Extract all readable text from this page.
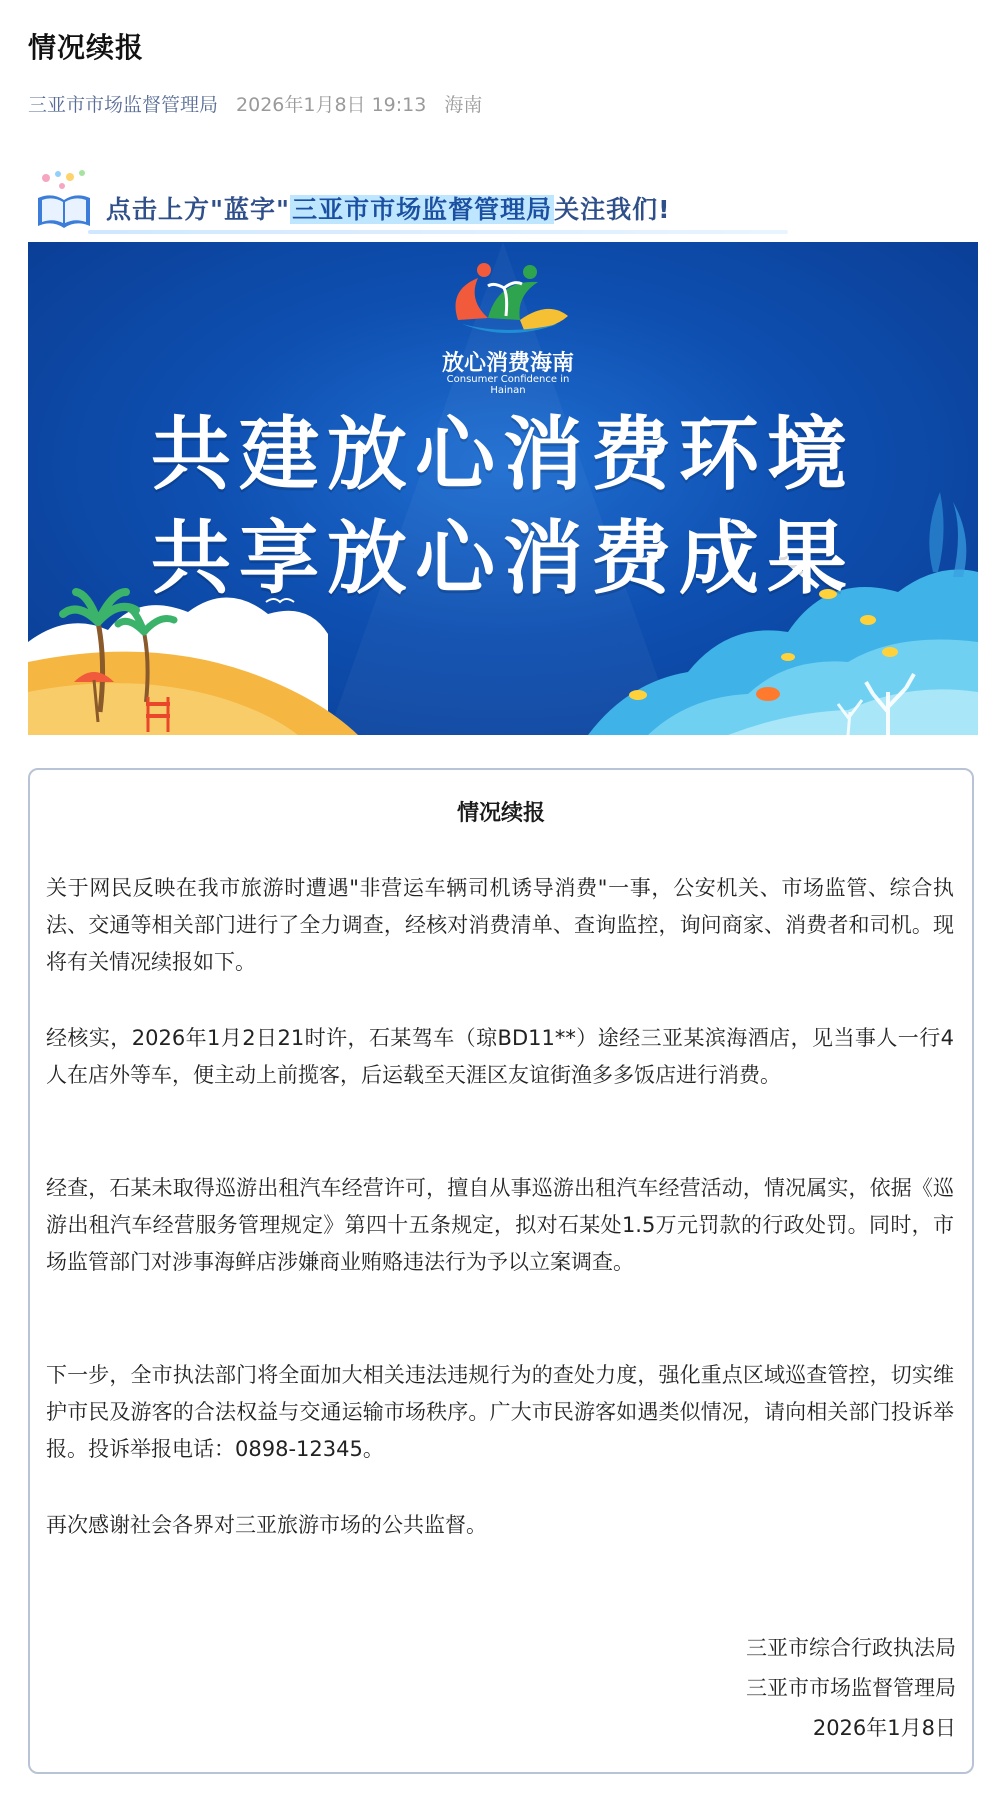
情况续报
三亚市市场监督管理局 2026年1月8日 19:13 海南
点击上方"蓝字"三亚市市场监督管理局关注我们!
放心消费海南
Consumer Confidence in Hainan
共建放心消费环境
共享放心消费成果
情况续报
关于网民反映在我市旅游时遭遇"非营运车辆司机诱导消费"一事，公安机关、市场监管、综合执法、交通等相关部门进行了全力调查，经核对消费清单、查询监控，询问商家、消费者和司机。现将有关情况续报如下。
经核实，2026年1月2日21时许，石某驾车（琼BD11**）途经三亚某滨海酒店，见当事人一行4人在店外等车，便主动上前揽客，后运载至天涯区友谊街渔多多饭店进行消费。
经查，石某未取得巡游出租汽车经营许可，擅自从事巡游出租汽车经营活动，情况属实，依据《巡游出租汽车经营服务管理规定》第四十五条规定，拟对石某处1.5万元罚款的行政处罚。同时，市场监管部门对涉事海鲜店涉嫌商业贿赂违法行为予以立案调查。
下一步，全市执法部门将全面加大相关违法违规行为的查处力度，强化重点区域巡查管控，切实维护市民及游客的合法权益与交通运输市场秩序。广大市民游客如遇类似情况，请向相关部门投诉举报。投诉举报电话：0898-12345。
再次感谢社会各界对三亚旅游市场的公共监督。
三亚市综合行政执法局
三亚市市场监督管理局
2026年1月8日
